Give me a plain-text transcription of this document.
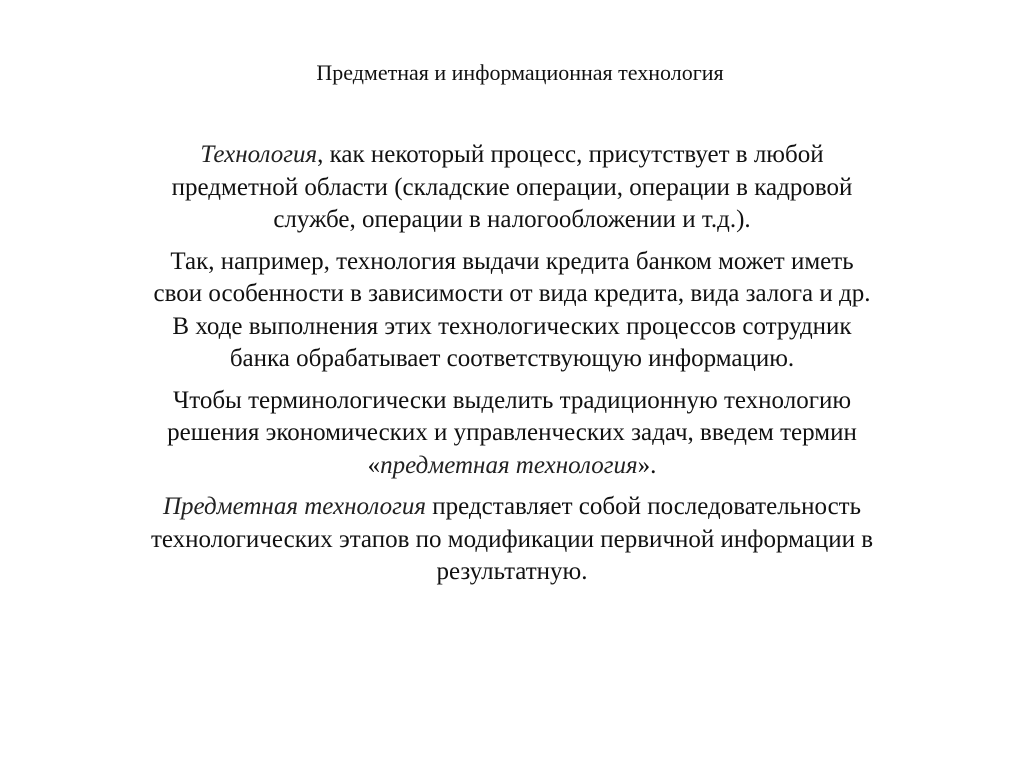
Предметная и информационная технология

Технология, как некоторый процесс, присутствует в любой
предметной области (складские операции, операции в кадровой
службе, операции в налогообложении и т.д.).

Так, например, технология выдачи кредита банком может иметь
свои особенности в зависимости от вида кредита, вида залога и др.
В ходе выполнения этих технологических процессов сотрудник
банка обрабатывает соответствующую информацию.

Чтобы терминологически выделить традиционную технологию
решения экономических и управленческих задач, введем термин
«предметная технология».

Предметная технология представляет собой последовательность
технологических этапов по модификации первичной информации в
результатную.
